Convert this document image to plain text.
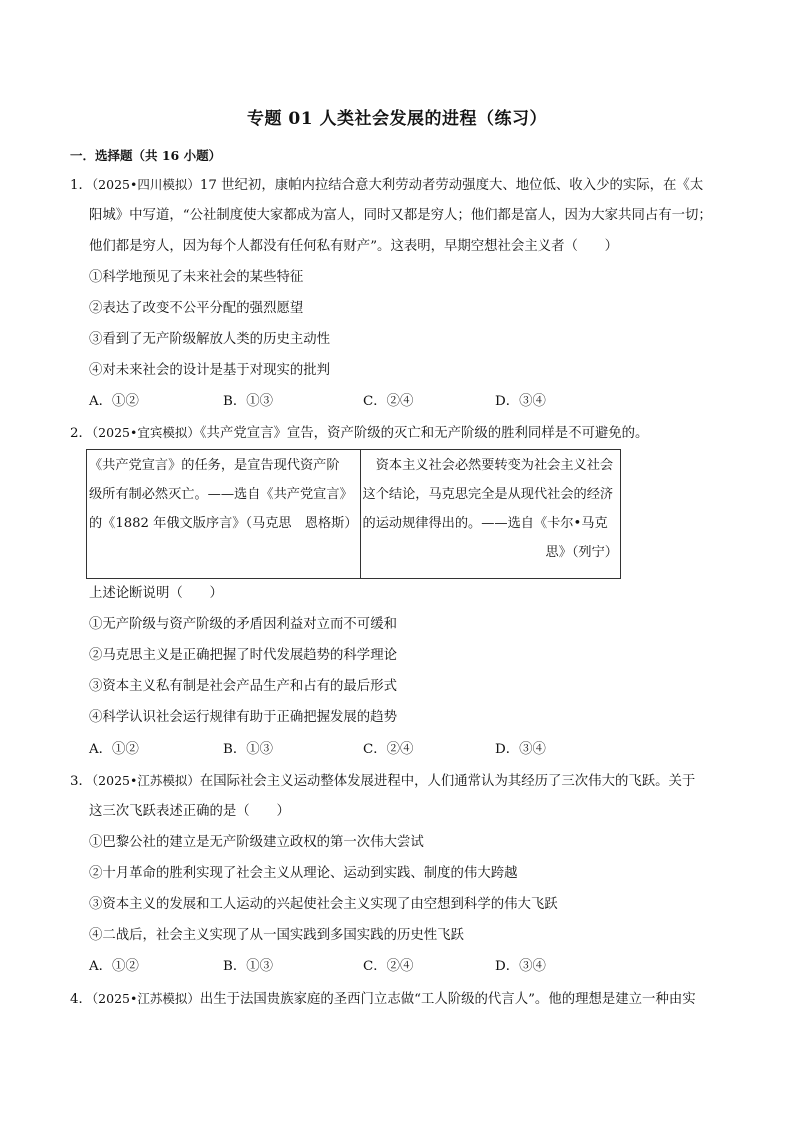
专题 01 人类社会发展的进程（练习）
一．选择题（共 16 小题）
1．（2025•四川模拟）17 世纪初，康帕内拉结合意大利劳动者劳动强度大、地位低、收入少的实际，在《太
阳城》中写道，“公社制度使大家都成为富人，同时又都是穷人；他们都是富人，因为大家共同占有一切；
他们都是穷人，因为每个人都没有任何私有财产”。这表明，早期空想社会主义者（　　）
①科学地预见了未来社会的某些特征
②表达了改变不公平分配的强烈愿望
③看到了无产阶级解放人类的历史主动性
④对未来社会的设计是基于对现实的批判
A．①②	B．①③	C．②④	D．③④
2．（2025•宜宾模拟）《共产党宣言》宣告，资产阶级的灭亡和无产阶级的胜利同样是不可避免的。
《共产党宣言》的任务，是宣告现代资产阶
级所有制必然灭亡。——选自《共产党宣言》
的《1882 年俄文版序言》（马克思　恩格斯）

　资本主义社会必然要转变为社会主义社会
这个结论，马克思完全是从现代社会的经济
的运动规律得出的。——选自《卡尔•马克
思》（列宁）
上述论断说明（　　）
①无产阶级与资产阶级的矛盾因利益对立而不可缓和
②马克思主义是正确把握了时代发展趋势的科学理论
③资本主义私有制是社会产品生产和占有的最后形式
④科学认识社会运行规律有助于正确把握发展的趋势
A．①②	B．①③	C．②④	D．③④
3．（2025•江苏模拟）在国际社会主义运动整体发展进程中，人们通常认为其经历了三次伟大的飞跃。关于
这三次飞跃表述正确的是（　　）
①巴黎公社的建立是无产阶级建立政权的第一次伟大尝试
②十月革命的胜利实现了社会主义从理论、运动到实践、制度的伟大跨越
③资本主义的发展和工人运动的兴起使社会主义实现了由空想到科学的伟大飞跃
④二战后，社会主义实现了从一国实践到多国实践的历史性飞跃
A．①②	B．①③	C．②④	D．③④
4．（2025•江苏模拟）出生于法国贵族家庭的圣西门立志做“工人阶级的代言人”。他的理想是建立一种由实
